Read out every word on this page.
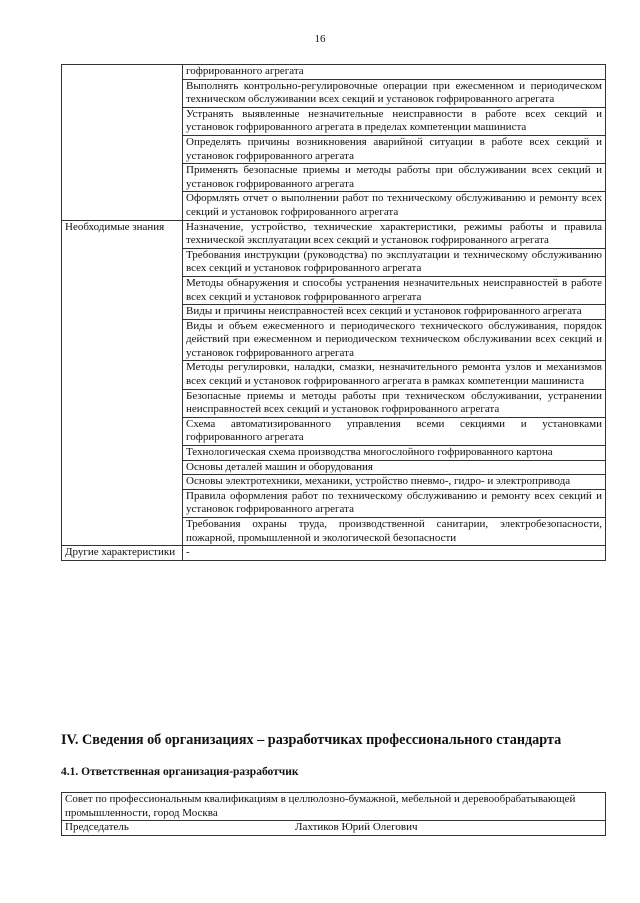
16
	гофрированного агрегата
	Выполнять контрольно-регулировочные операции при ежесменном и периодическом техническом обслуживании всех секций и установок гофрированного агрегата
	Устранять выявленные незначительные неисправности в работе всех секций и установок гофрированного агрегата в пределах компетенции машиниста
	Определять причины возникновения аварийной ситуации в работе всех секций и установок гофрированного агрегата
	Применять безопасные приемы и методы работы при обслуживании всех секций и установок гофрированного агрегата
	Оформлять отчет о выполнении работ по техническому обслуживанию и ремонту всех секций и установок гофрированного агрегата
Необходимые знания	Назначение, устройство, технические характеристики, режимы работы и правила технической эксплуатации всех секций и установок гофрированного агрегата
	Требования инструкции (руководства) по эксплуатации и техническому обслуживанию всех секций и установок гофрированного агрегата
	Методы обнаружения и способы устранения незначительных неисправностей в работе всех секций и установок гофрированного агрегата
	Виды и причины неисправностей всех секций и установок гофрированного агрегата
	Виды и объем ежесменного и периодического технического обслуживания, порядок действий при ежесменном и периодическом техническом обслуживании всех секций и установок гофрированного агрегата
	Методы регулировки, наладки, смазки, незначительного ремонта узлов и механизмов всех секций и установок гофрированного агрегата в рамках компетенции машиниста
	Безопасные приемы и методы работы при техническом обслуживании, устранении неисправностей всех секций и установок гофрированного агрегата
	Схема автоматизированного управления всеми секциями и установками гофрированного агрегата
	Технологическая схема производства многослойного гофрированного картона
	Основы деталей машин и оборудования
	Основы электротехники, механики, устройство пневмо-, гидро- и электропривода
	Правила оформления работ по техническому обслуживанию и ремонту всех секций и установок гофрированного агрегата
	Требования охраны труда, производственной санитарии, электробезопасности, пожарной, промышленной и экологической безопасности
Другие характеристики	-
IV. Сведения об организациях – разработчиках профессионального стандарта
4.1. Ответственная организация-разработчик
Совет по профессиональным квалификациям в целлюлозно-бумажной, мебельной и деревообрабатывающей промышленности, город Москва
Председатель	Лахтиков Юрий Олегович
